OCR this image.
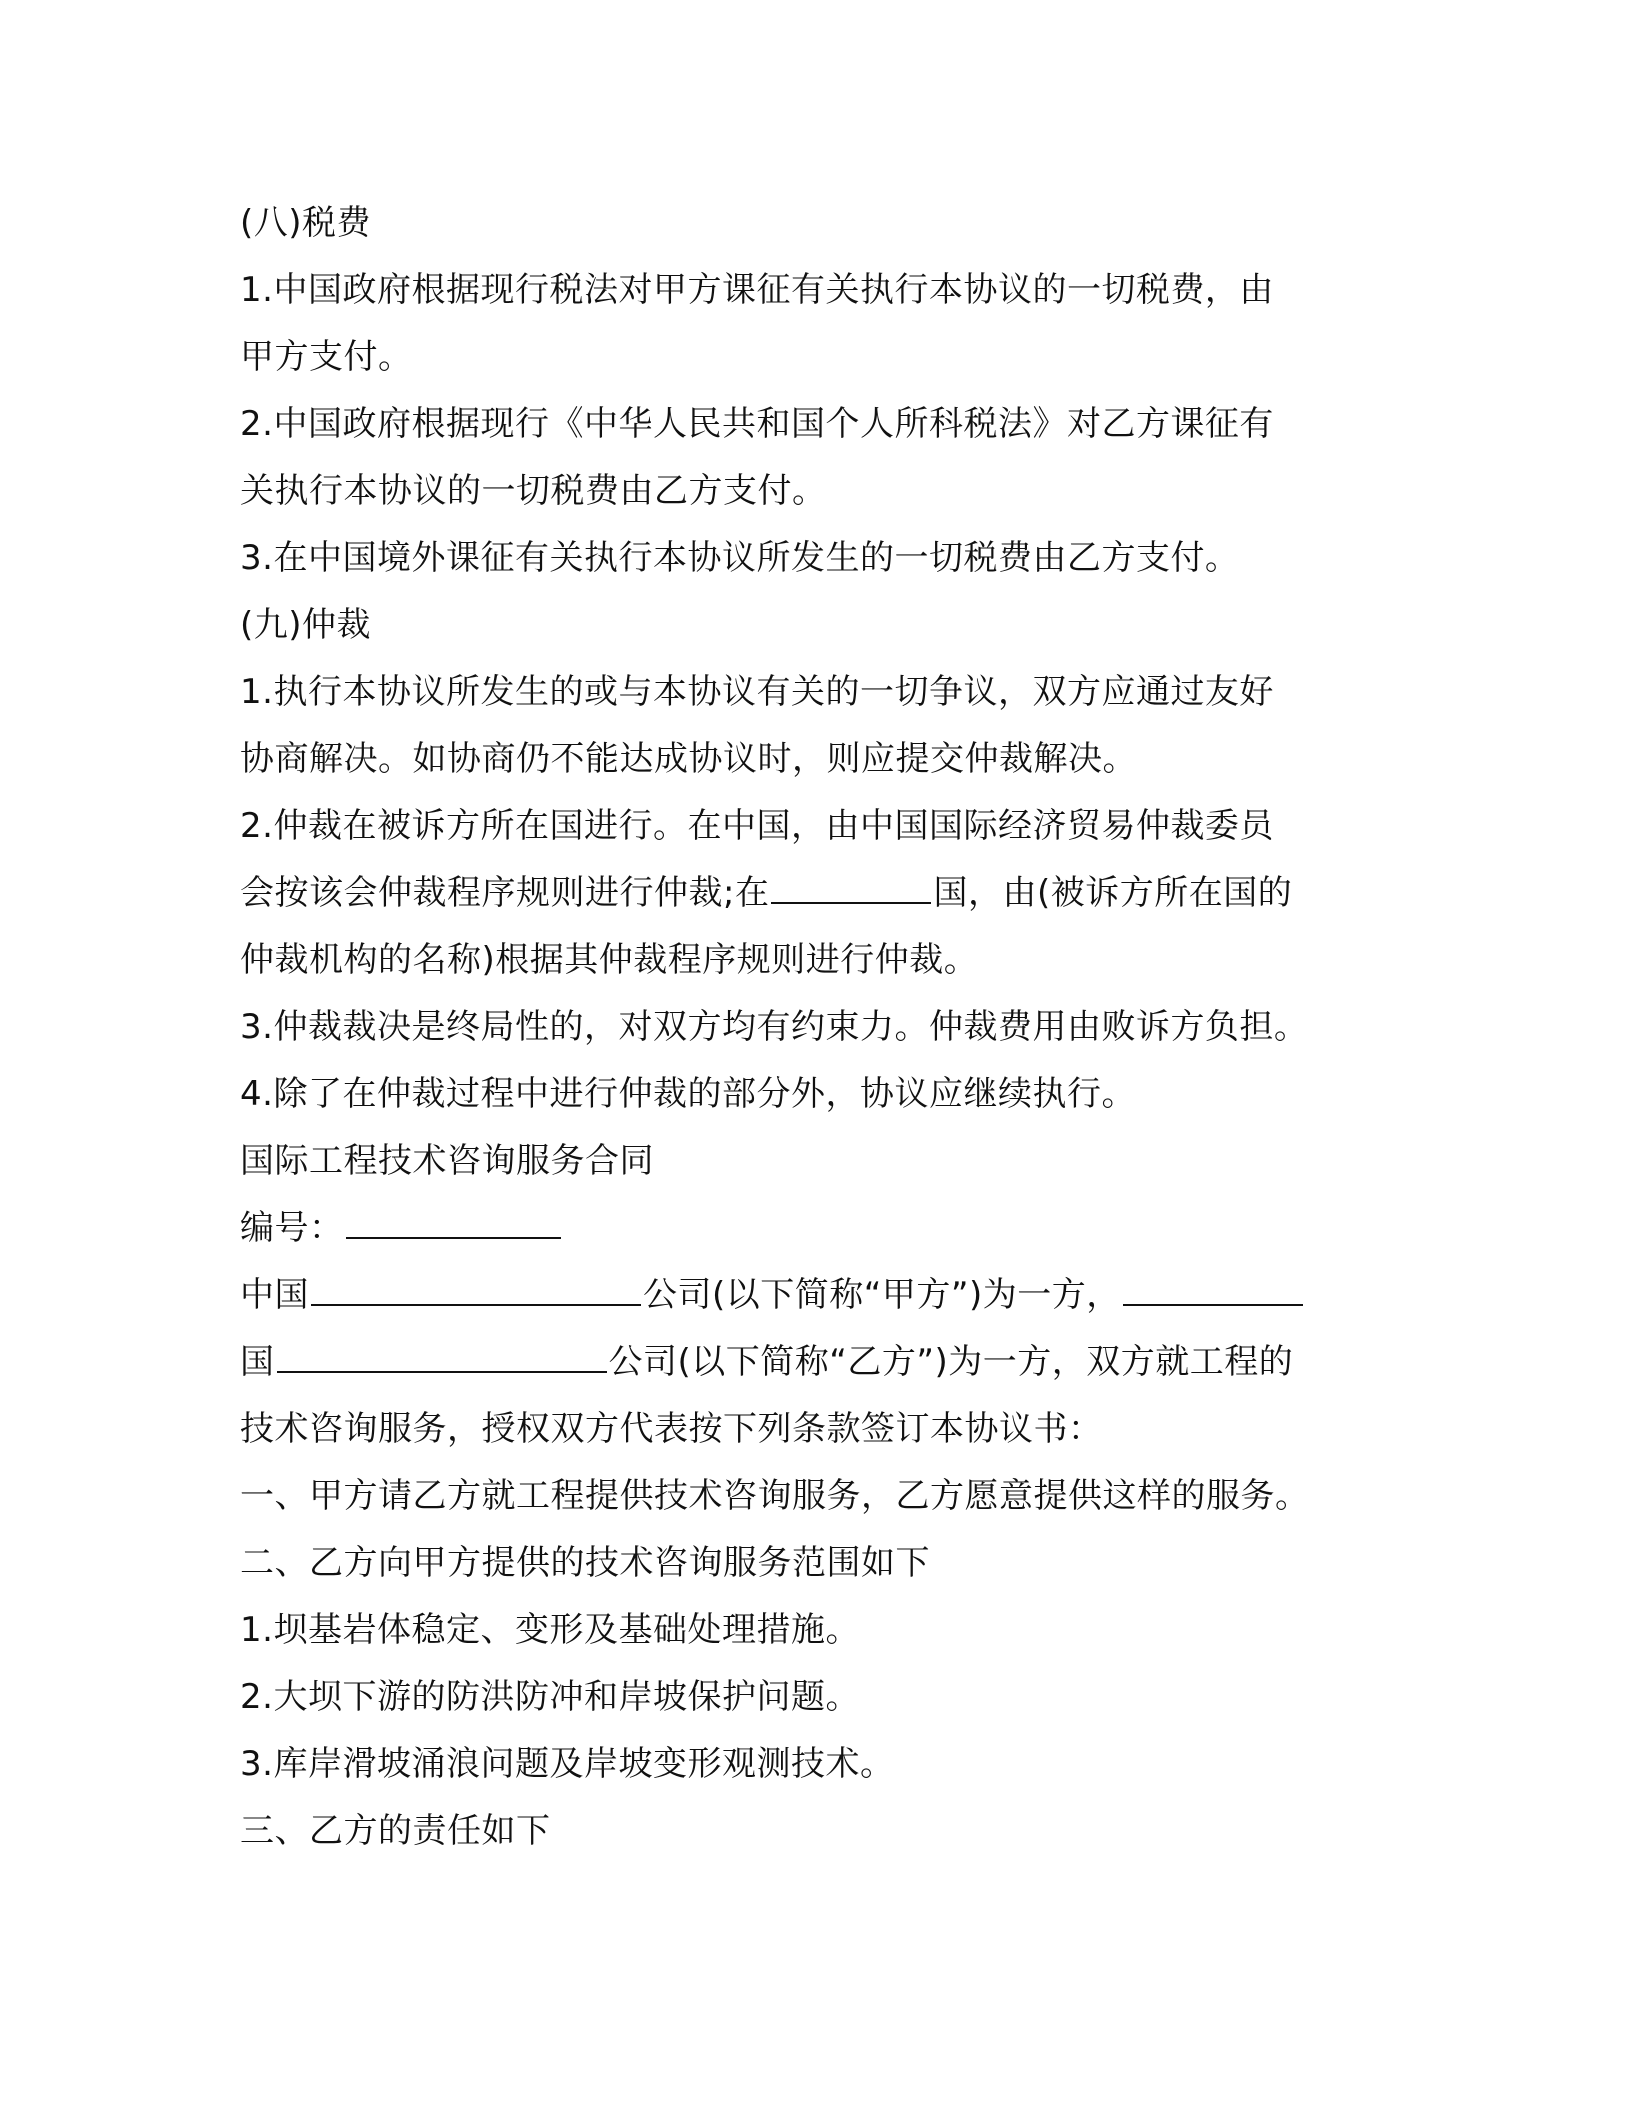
(八)税费
1.中国政府根据现行税法对甲方课征有关执行本协议的一切税费，由
甲方支付。
2.中国政府根据现行《中华人民共和国个人所科税法》对乙方课征有
关执行本协议的一切税费由乙方支付。
3.在中国境外课征有关执行本协议所发生的一切税费由乙方支付。
(九)仲裁
1.执行本协议所发生的或与本协议有关的一切争议，双方应通过友好
协商解决。如协商仍不能达成协议时，则应提交仲裁解决。
2.仲裁在被诉方所在国进行。在中国，由中国国际经济贸易仲裁委员
会按该会仲裁程序规则进行仲裁;在	国，由(被诉方所在国的
仲裁机构的名称)根据其仲裁程序规则进行仲裁。
3.仲裁裁决是终局性的，对双方均有约束力。仲裁费用由败诉方负担。
4.除了在仲裁过程中进行仲裁的部分外，协议应继续执行。
国际工程技术咨询服务合同
编号：
中国	公司(以下简称“甲方”)为一方，
国	公司(以下简称“乙方”)为一方，双方就工程的
技术咨询服务，授权双方代表按下列条款签订本协议书：
一、甲方请乙方就工程提供技术咨询服务，乙方愿意提供这样的服务。
二、乙方向甲方提供的技术咨询服务范围如下
1.坝基岩体稳定、变形及基础处理措施。
2.大坝下游的防洪防冲和岸坡保护问题。
3.库岸滑坡涌浪问题及岸坡变形观测技术。
三、乙方的责任如下
